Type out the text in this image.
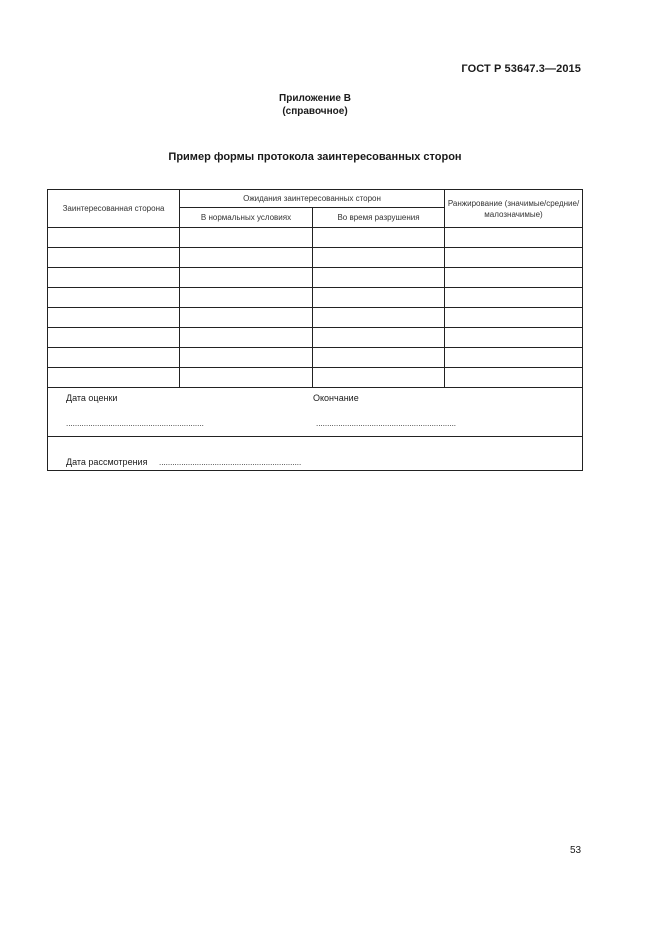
ГОСТ Р 53647.3—2015
Приложение В
(справочное)
Пример формы протокола заинтересованных сторон
Заинтересованная сторона	Ожидания заинтересованных сторон		Ранжирование (значимые/средние/ малозначимые)
	В нормальных условиях	Во время разрушения	

Дата оценки Окончание
.............................................................. ...............................................................			

Дата рассмотрения ................................................................			
53
